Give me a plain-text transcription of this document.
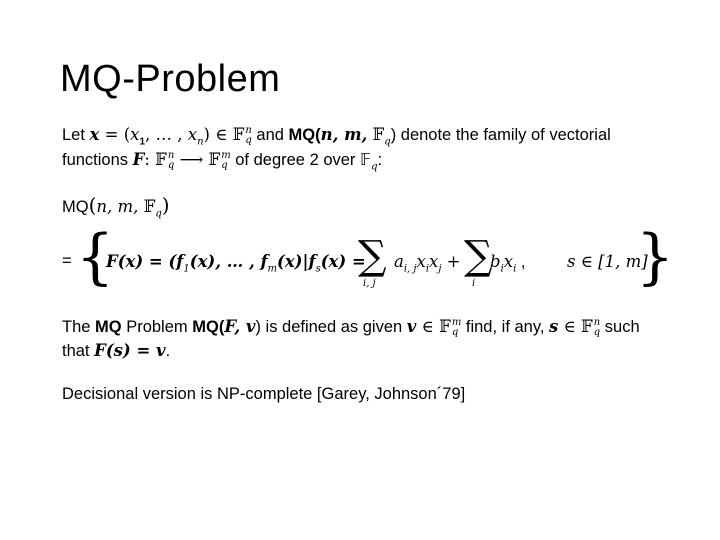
MQ-Problem
Let $x = (x_1$, … , $x_n$) ∈ 𝔽 n
q and MQ(n, m, 𝔽$_q$) denote the family of vectorial
functions F: 𝔽 n
q ⟶ 𝔽 m
q of degree 2 over 𝔽$_q$:
MQ(n, m, 𝔽$_q$)
= {
$F(x) = (f_1(x)$, … , $f_m(x)|f_s(x)$ =
∑
i, j
$a_{i, j}x_ix_j$ + ∑
i
$b_ix_i$ ,	s ∈ [1, m]
}
The MQ Problem MQ(F, v) is defined as given v ∈ 𝔽 m
q find, if any, s ∈ 𝔽 n
q such
that F(s) = v.
Decisional version is NP-complete [Garey, Johnson´79]
